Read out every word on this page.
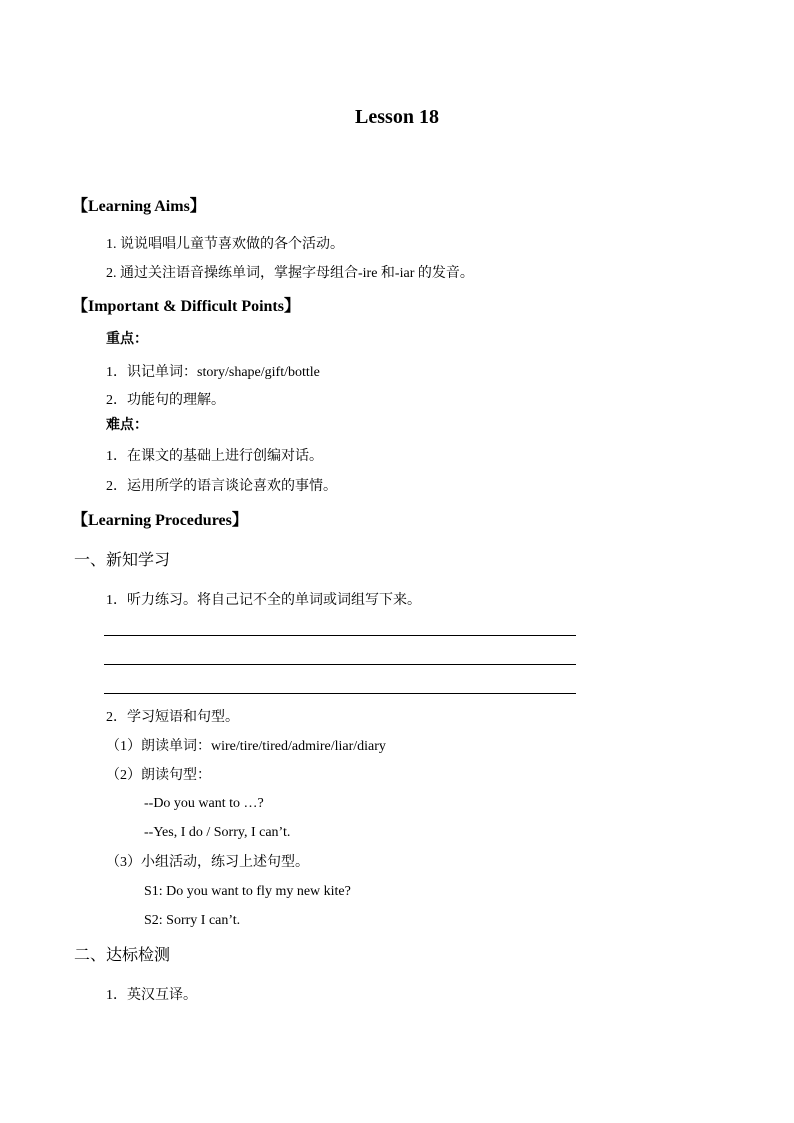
Lesson 18
【Learning Aims】
1. 说说唱唱儿童节喜欢做的各个活动。
2. 通过关注语音操练单词，掌握字母组合-ire 和-iar 的发音。
【Important & Difficult Points】
重点：
1．识记单词：story/shape/gift/bottle
2．功能句的理解。
难点：
1．在课文的基础上进行创编对话。
2．运用所学的语言谈论喜欢的事情。
【Learning Procedures】
一、新知学习
1．听力练习。将自己记不全的单词或词组写下来。
2．学习短语和句型。
（1）朗读单词：wire/tire/tired/admire/liar/diary
（2）朗读句型：
--Do you want to …?
--Yes, I do / Sorry, I can’t.
（3）小组活动，练习上述句型。
S1: Do you want to fly my new kite?
S2: Sorry I can’t.
二、达标检测
1．英汉互译。
